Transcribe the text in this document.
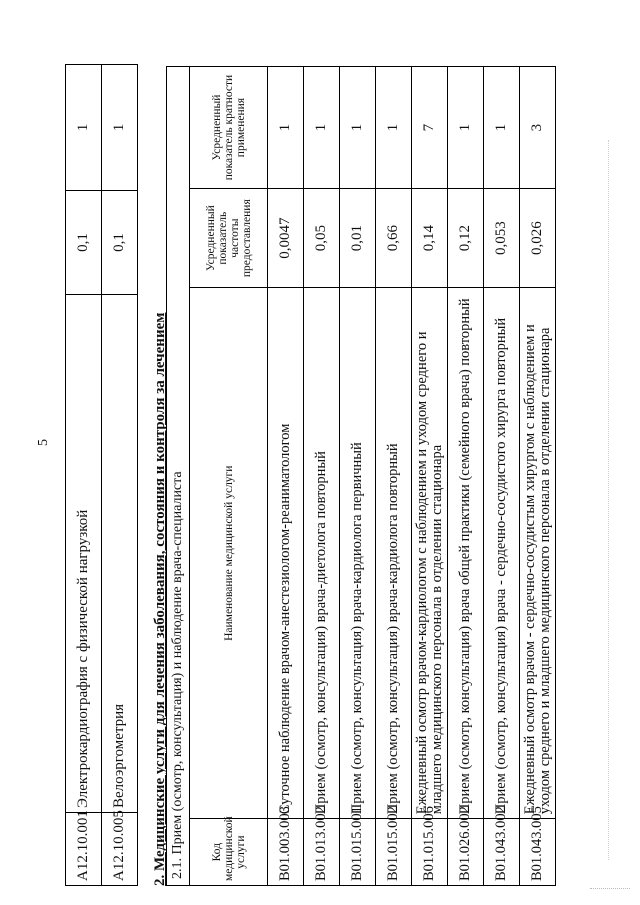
5
A12.10.001	Электрокардиография с физической нагрузкой	0,1	1
A12.10.005	Велоэргометрия	0,1	1
2. Медицинские услуги для лечения заболевания, состояния и контроля за лечением 2.1. Прием (осмотр, консультация) и наблюдение врача-специалиста			
Код медицинской услуги	Наименование медицинской услуги	Усредненный показатель частоты предоставления	Усредненный показатель кратности применения
B01.003.003	Суточное наблюдение врачом-анестезиологом-реаниматологом	0,0047	1
B01.013.002	Прием (осмотр, консультация) врача-диетолога повторный	0,05	1
B01.015.001	Прием (осмотр, консультация) врача-кардиолога первичный	0,01	1
B01.015.002	Прием (осмотр, консультация) врача-кардиолога повторный	0,66	1
B01.015.006	Ежедневный осмотр врачом-кардиологом с наблюдением и уходом среднего и младшего медицинского персонала в отделении стационара	0,14	7
B01.026.002	Прием (осмотр, консультация) врача общей практики (семейного врача) повторный	0,12	1
B01.043.002	Прием (осмотр, консультация) врача - сердечно-сосудистого хирурга повторный	0,053	1
B01.043.005	Ежедневный осмотр врачом - сердечно-сосудистым хирургом с наблюдением и уходом среднего и младшего медицинского персонала в отделении стационара	0,026	3
